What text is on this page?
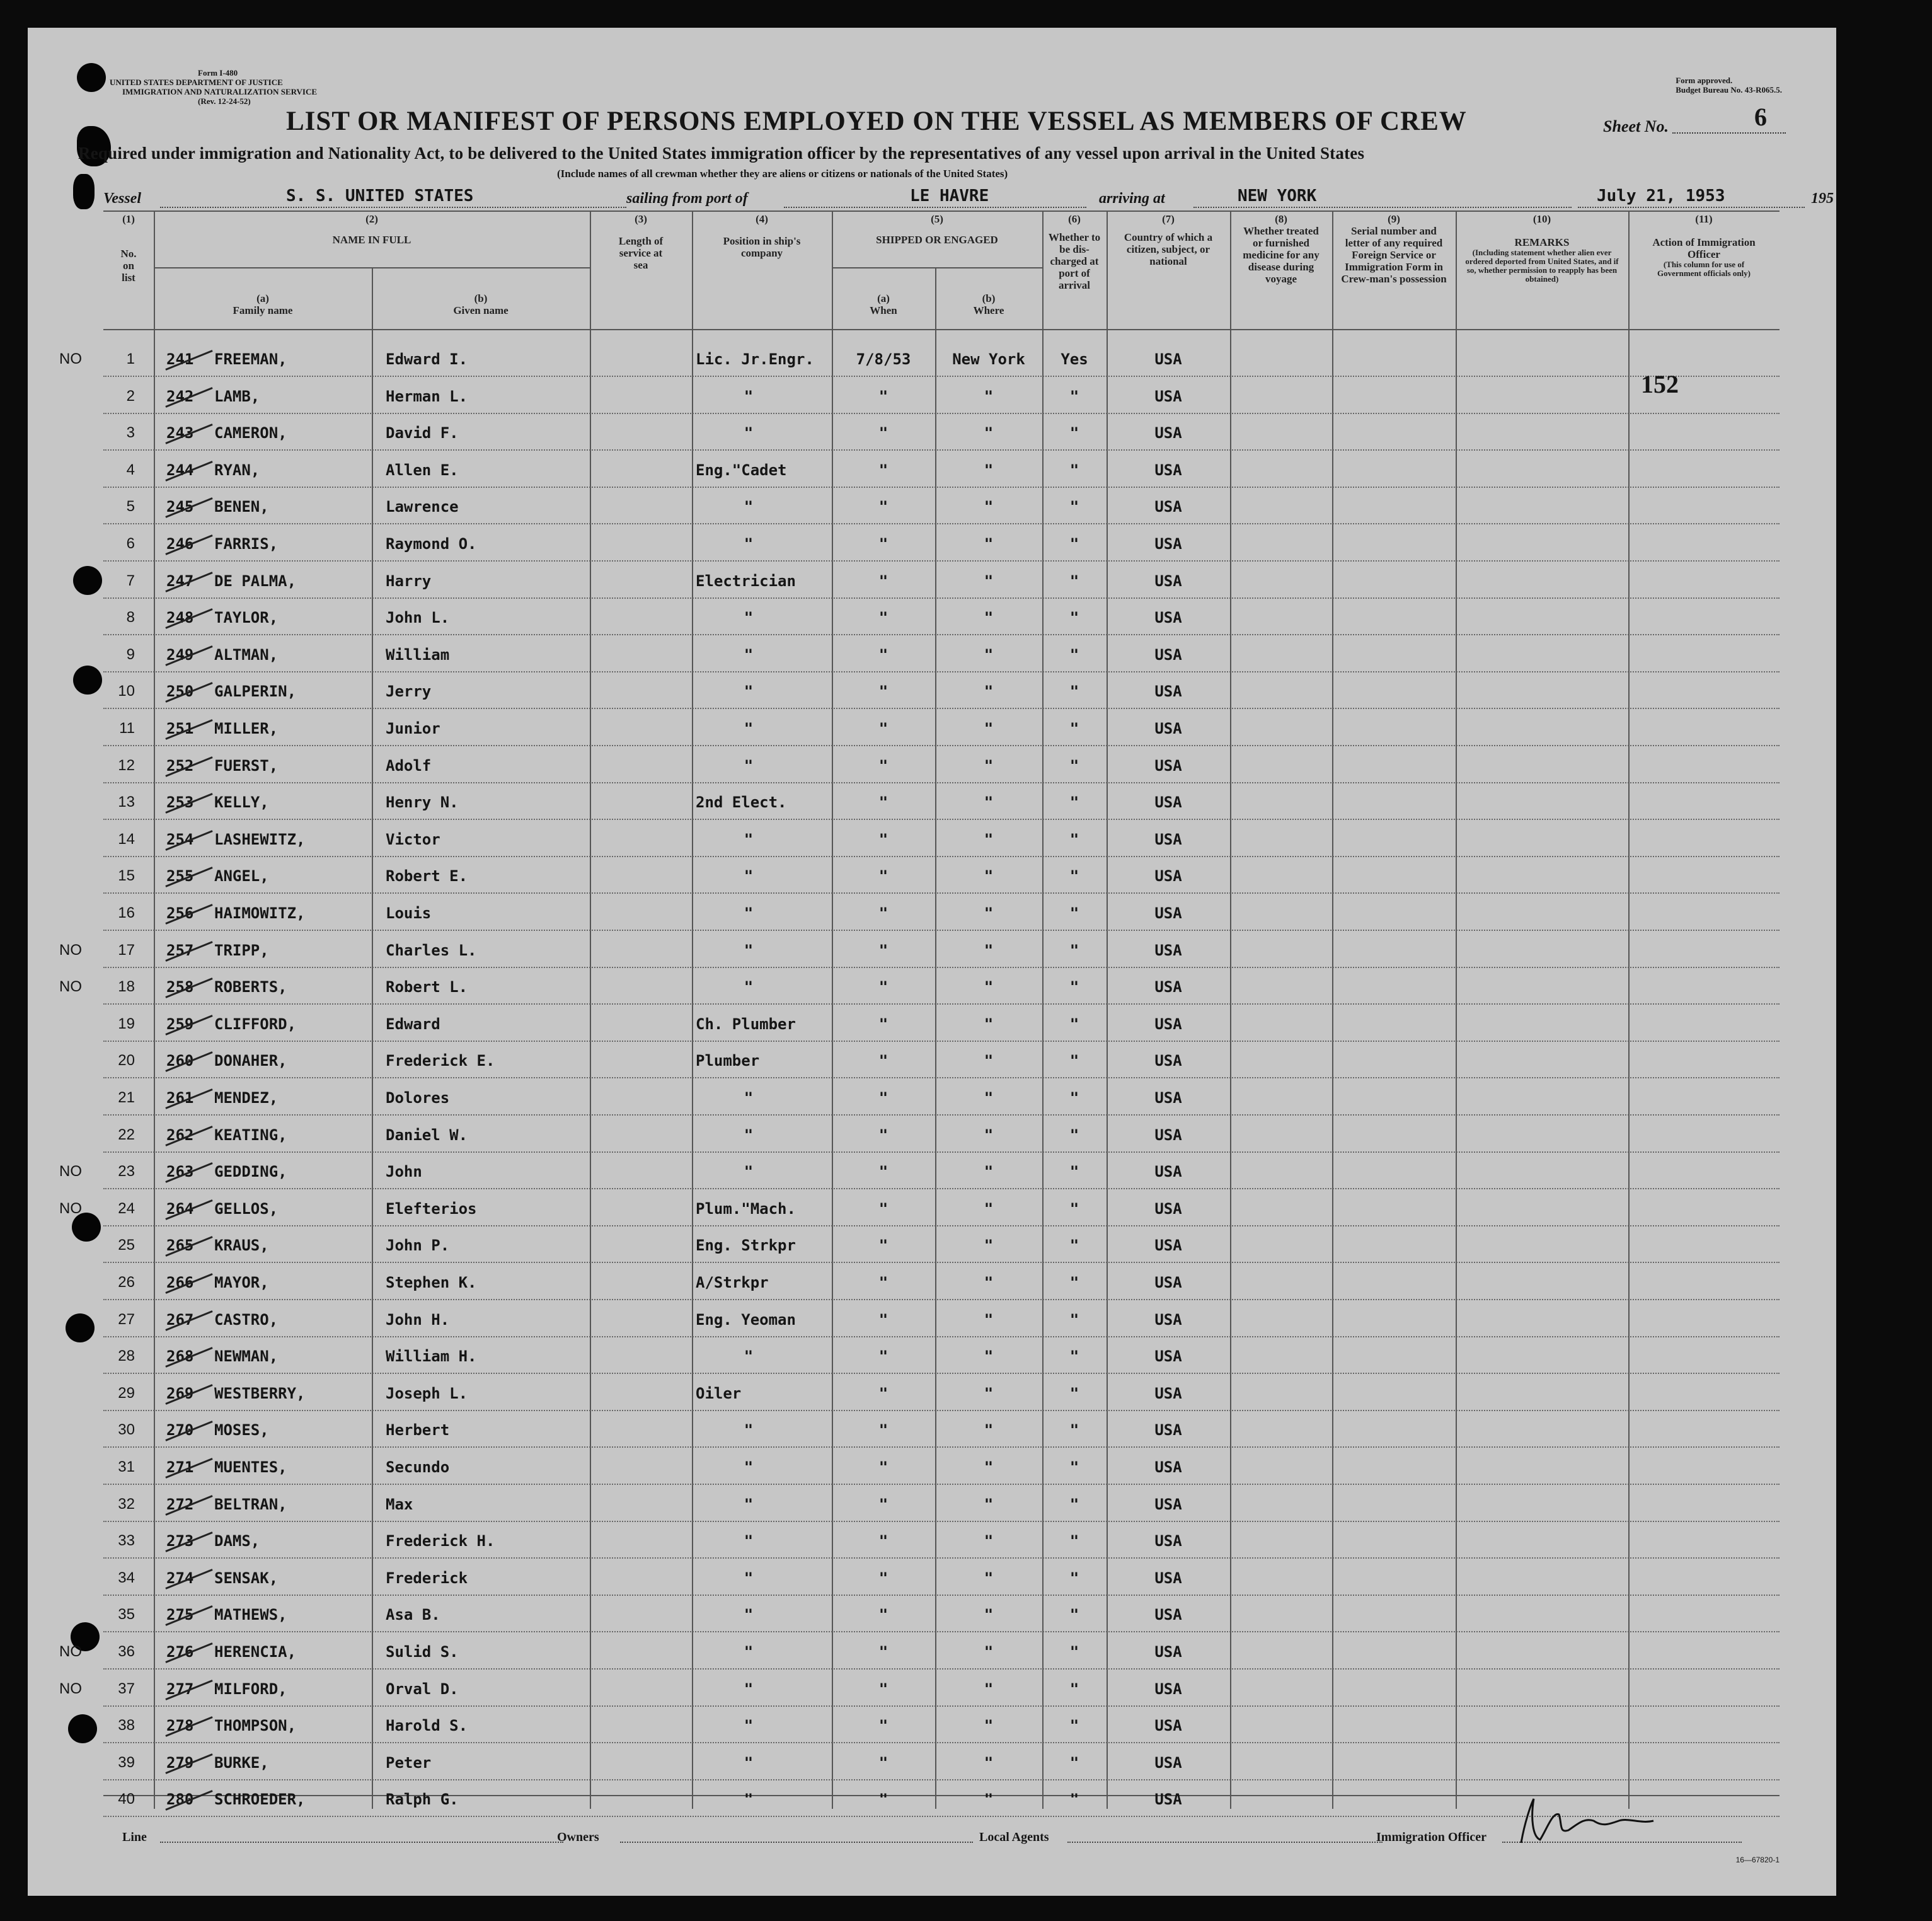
Form I-480
UNITED STATES DEPARTMENT OF JUSTICE
IMMIGRATION AND NATURALIZATION SERVICE
(Rev. 12-24-52)
Form approved.
Budget Bureau No. 43-R065.5.
LIST OR MANIFEST OF PERSONS EMPLOYED ON THE VESSEL AS MEMBERS OF CREW	Sheet No.	6
Required under immigration and Nationality Act, to be delivered to the United States immigration officer by the representatives of any vessel upon arrival in the United States
(Include names of all crewman whether they are aliens or citizens or nationals of the United States)
Vessel	S. S. UNITED STATES	sailing from port of	LE HAVRE	arriving at	NEW YORK	July 21, 1953	195
(1)
No. on list
(2)
NAME IN FULL
(a)
Family name
(b)
Given name
(3)
Length of service at sea
(4)
Position in ship's company
(5)
SHIPPED OR ENGAGED
(a)
When
(b)
Where
(6)
Whether to be dis-charged at port of arrival
(7)
Country of which a citizen, subject, or national
(8)
Whether treated or furnished medicine for any disease during voyage
(9)
Serial number and letter of any required Foreign Service or Immigration Form in Crew-man's possession
(10)
REMARKS
(Including statement whether alien ever ordered deported from United States, and if so, whether permission to reapply has been obtained)
(11)
Action of Immigration Officer
(This column for use of Government officials only)
NO	1 241 FREEMAN,	Edward I.	Lic. Jr.Engr.	7/8/53	New York	Yes	USA
2 242 LAMB,	Herman L.	"	"	"	"	USA
3 243 CAMERON,	David F.	"	"	"	"	USA
4 244 RYAN,	Allen E.	Eng."Cadet	"	"	"	USA
5 245 BENEN,	Lawrence	"	"	"	"	USA
6 246 FARRIS,	Raymond O.	"	"	"	"	USA
7 247 DE PALMA,	Harry	Electrician	"	"	"	USA
8 248 TAYLOR,	John L.	"	"	"	"	USA
9 249 ALTMAN,	William	"	"	"	"	USA
10 250 GALPERIN,	Jerry	"	"	"	"	USA
11 251 MILLER,	Junior	"	"	"	"	USA
12 252 FUERST,	Adolf	"	"	"	"	USA
13 253 KELLY,	Henry N.	2nd Elect.	"	"	"	USA
14 254 LASHEWITZ,	Victor	"	"	"	"	USA
15 255 ANGEL,	Robert E.	"	"	"	"	USA
16 256 HAIMOWITZ,	Louis	"	"	"	"	USA
NO	17 257 TRIPP,	Charles L.	"	"	"	"	USA
NO	18 258 ROBERTS,	Robert L.	"	"	"	"	USA
19 259 CLIFFORD,	Edward	Ch. Plumber	"	"	"	USA
20 260 DONAHER,	Frederick E.	Plumber	"	"	"	USA
21 261 MENDEZ,	Dolores	"	"	"	"	USA
22 262 KEATING,	Daniel W.	"	"	"	"	USA
NO	23 263 GEDDING,	John	"	"	"	"	USA
NO	24 264 GELLOS,	Elefterios	Plum."Mach.	"	"	"	USA
25 265 KRAUS,	John P.	Eng. Strkpr	"	"	"	USA
26 266 MAYOR,	Stephen K.	A/Strkpr	"	"	"	USA
27 267 CASTRO,	John H.	Eng. Yeoman	"	"	"	USA
28 268 NEWMAN,	William H.	"	"	"	"	USA
29 269 WESTBERRY,	Joseph L.	Oiler	"	"	"	USA
30 270 MOSES,	Herbert	"	"	"	"	USA
31 271 MUENTES,	Secundo	"	"	"	"	USA
32 272 BELTRAN,	Max	"	"	"	"	USA
33 273 DAMS,	Frederick H.	"	"	"	"	USA
34 274 SENSAK,	Frederick	"	"	"	"	USA
35 275 MATHEWS,	Asa B.	"	"	"	"	USA
NO	36 276 HERENCIA,	Sulid S.	"	"	"	"	USA
NO	37 277 MILFORD,	Orval D.	"	"	"	"	USA
38 278 THOMPSON,	Harold S.	"	"	"	"	USA
39 279 BURKE,	Peter	"	"	"	"	USA
40 280 SCHROEDER,	Ralph G.	"	"	"	"	USA
152
Line	Owners	Local Agents	Immigration Officer
16—67820-1
